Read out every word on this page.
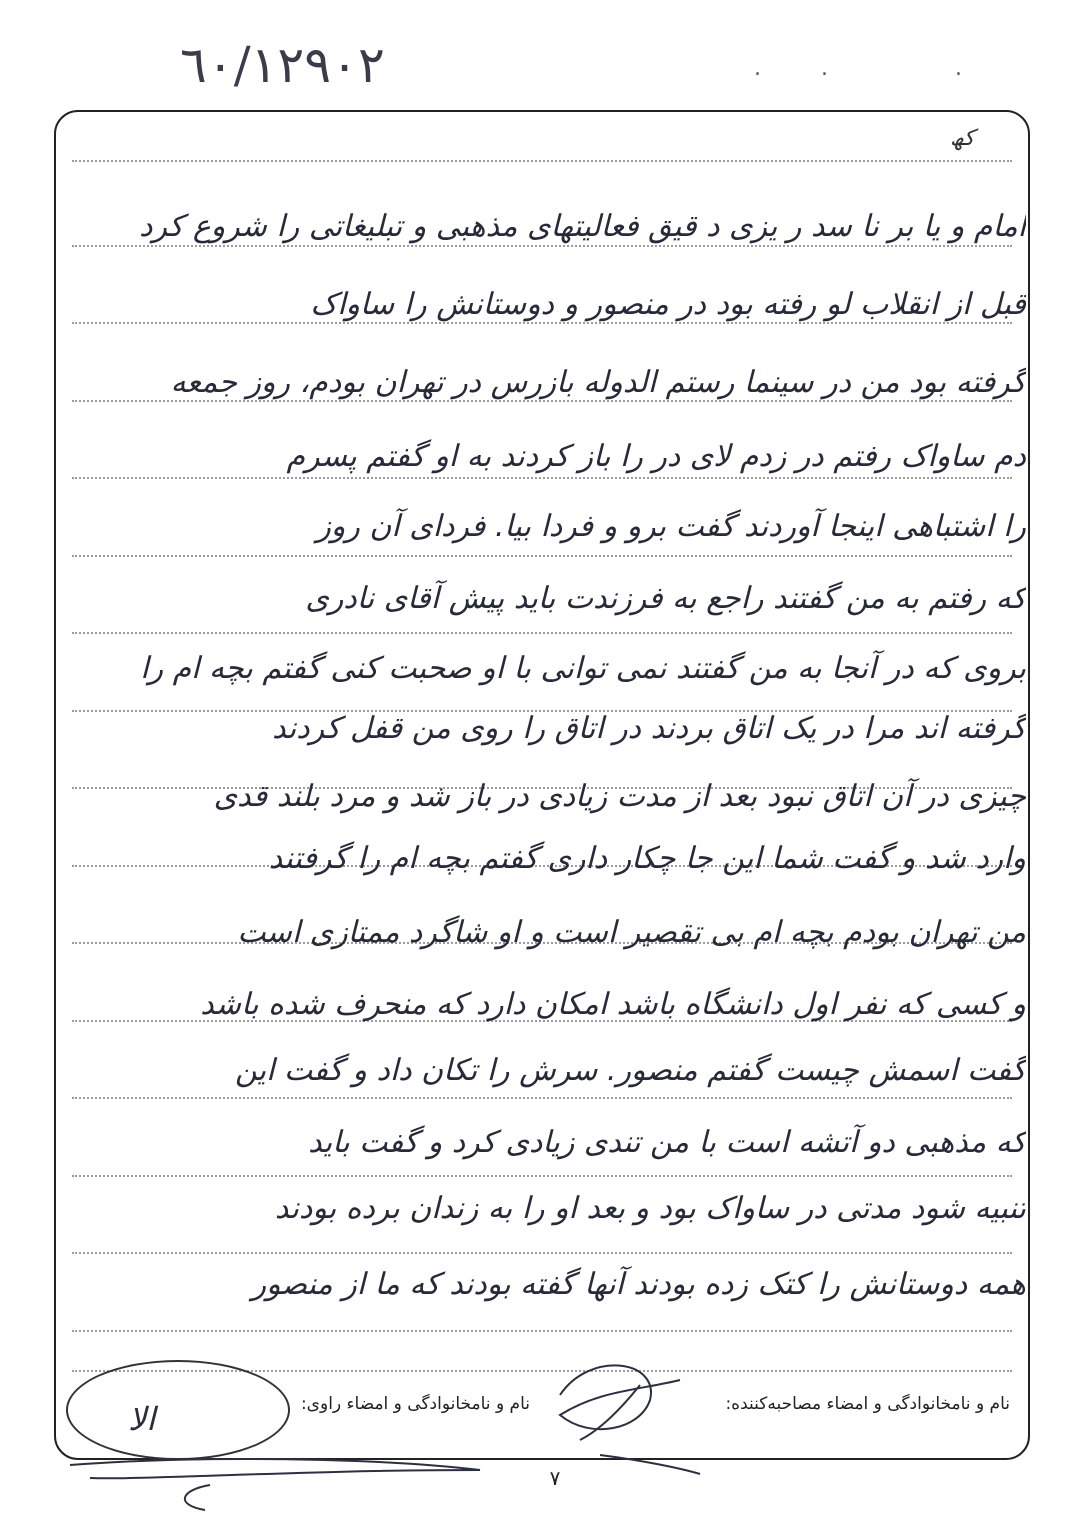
٦٠/١٢٩٠٢	.. .
کھ
امام و یا بر نا سد ر یزی د قیق فعالیتهای مذهبی و تبلیغاتی را شروع کرد
قبل از انقلاب لو رفته بود در منصور و دوستانش را ساواک
گرفته بود من در سینما رستم الدوله بازرس در تهران بودم، روز جمعه
دم ساواک رفتم در زدم لای در را باز کردند به او گفتم پسرم
را اشتباهی اینجا آوردند گفت برو و فردا بیا. فردای آن روز
که رفتم به من گفتند راجع به فرزندت باید پیش آقای نادری
بروی که در آنجا به من گفتند نمی توانی با او صحبت کنی گفتم بچه ام را
گرفته اند مرا در یک اتاق بردند در اتاق را روی من قفل کردند
چیزی در آن اتاق نبود بعد از مدت زیادی در باز شد و مرد بلند قدی
وارد شد و گفت شما این جا چکار داری گفتم بچه ام را گرفتند
من تهران بودم بچه ام بی تقصیر است و او شاگرد ممتازی است
و کسی که نفر اول دانشگاه باشد امکان دارد که منحرف شده باشد
گفت اسمش چیست گفتم منصور. سرش را تکان داد و گفت این
که مذهبی دو آتشه است با من تندی زیادی کرد و گفت باید
تنبیه شود مدتی در ساواک بود و بعد او را به زندان برده بودند
همه دوستانش را کتک زده بودند آنها گفته بودند که ما از منصور
نام و نامخانوادگی و امضاء مصاحبه‌کننده:
نام و نامخانوادگی و امضاء راوی:
ا‌لا
۷
